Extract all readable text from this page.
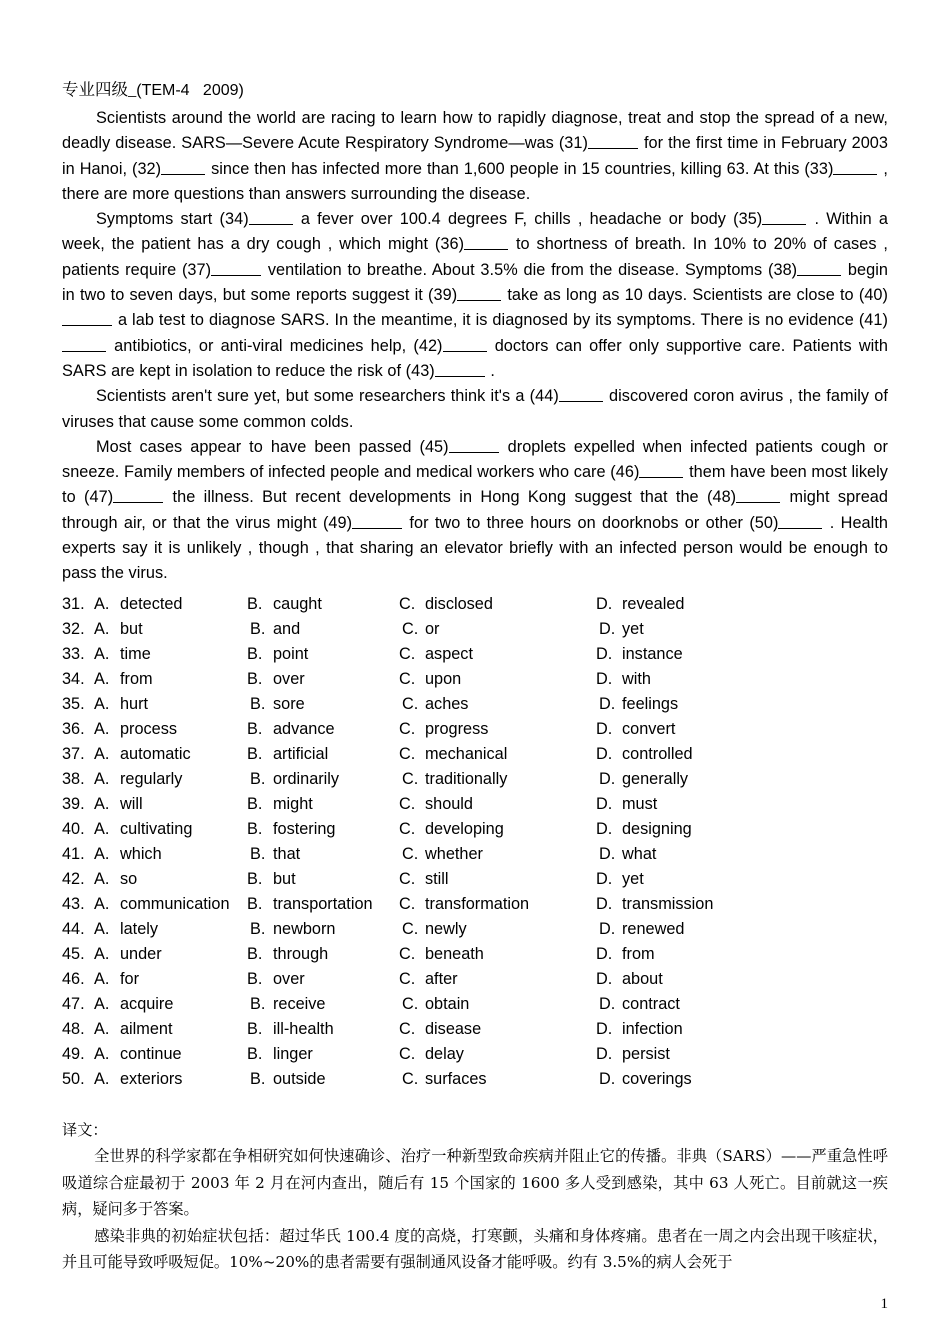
专业四级_(TEM-4   2009)

Scientists around the world are racing to learn how to rapidly diagnose, treat and stop the spread of a new, deadly disease. SARS—Severe Acute Respiratory Syndrome—was (31)	for the first time in February 2003 in Hanoi, (32)	since then has infected more than 1,600 people in 15 countries, killing 63. At this (33)	, there are more questions than answers surrounding the disease.

Symptoms start (34)	a fever over 100.4 degrees F, chills , headache or body (35)	. Within a week, the patient has a dry cough , which might (36)	to shortness of breath. In 10% to 20% of cases , patients require (37)	ventilation to breathe. About 3.5% die from the disease. Symptoms (38)	begin in two to seven days, but some reports suggest it (39)	take as long as 10 days. Scientists are close to (40) a lab test to diagnose SARS. In the meantime, it is diagnosed by its symptoms. There is no evidence (41) antibiotics, or anti-viral medicines help, (42)	doctors can offer only supportive care. Patients with SARS are kept in isolation to reduce the risk of (43)	.

Scientists aren't sure yet, but some researchers think it's a (44)	discovered coron avirus , the family of viruses that cause some common colds.

Most cases appear to have been passed (45)	droplets expelled when infected patients cough or sneeze. Family members of infected people and medical workers who care (46)	them have been most likely to (47)	the illness. But recent developments in Hong Kong suggest that the (48)	might spread through air, or that the virus might (49)	for two to three hours on doorknobs or other (50)	. Health experts say it is unlikely , though , that sharing an elevator briefly with an infected person would be enough to pass the virus.

31. A. detected	B. caught	C. disclosed	D. revealed
32. A. but	B. and	C. or	D. yet
33. A. time	B. point	C. aspect	D. instance
34. A. from	B. over	C. upon	D. with
35. A. hurt	B. sore	C. aches	D. feelings
36. A. process	B. advance	C. progress	D. convert
37. A. automatic	B. artificial	C. mechanical	D. controlled
38. A. regularly	B. ordinarily	C. traditionally	D. generally
39. A. will	B. might	C. should	D. must
40. A. cultivating	B. fostering	C. developing	D. designing
41. A. which	B. that	C. whether	D. what
42. A. so	B. but	C. still	D. yet
43. A. communication B. transportation C. transformation	D. transmission
44. A. lately	B. newborn	C. newly	D. renewed
45. A. under	B. through	C. beneath	D. from
46. A. for	B. over	C. after	D. about
47. A. acquire	B. receive	C. obtain	D. contract
48. A. ailment	B. ill-health	C. disease	D. infection
49. A. continue	B. linger	C. delay	D. persist
50. A. exteriors	B. outside	C. surfaces	D. coverings

译文：

全世界的科学家都在争相研究如何快速确诊、治疗一种新型致命疾病并阻止它的传播。非典（SARS）——严重急性呼吸道综合症最初于 2003 年 2 月在河内查出，随后有 15 个国家的 1600 多人受到感染，其中 63 人死亡。目前就这一疾病，疑问多于答案。

感染非典的初始症状包括：超过华氏 100.4 度的高烧，打寒颤，头痛和身体疼痛。患者在一周之内会出现干咳症状，并且可能导致呼吸短促。10%~20%的患者需要有强制通风设备才能呼吸。约有 3.5%的病人会死于

1
